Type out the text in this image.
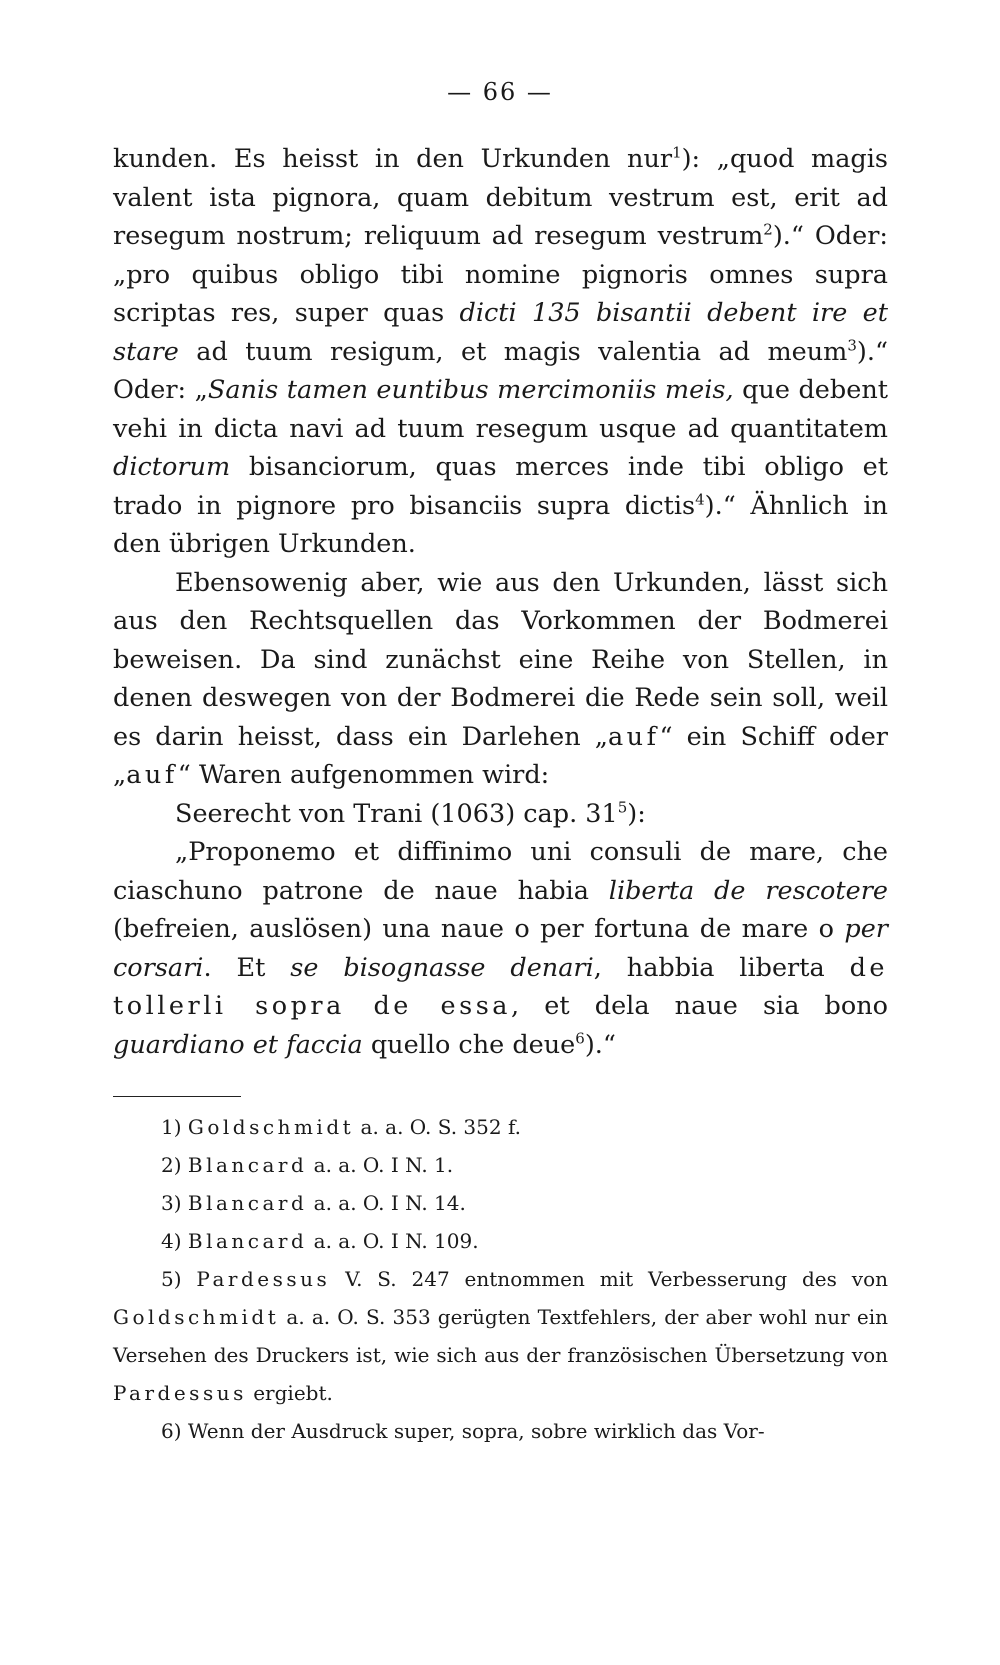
— 66 —

kunden. Es heisst in den Urkunden nur$^1$): „quod magis valent ista pignora, quam debitum vestrum est, erit ad resegum nostrum; reliquum ad resegum vestrum$^2$).“ Oder: „pro quibus obligo tibi nomine pignoris omnes supra scriptas res, super quas dicti 135 bisantii debent ire et stare ad tuum resigum, et magis valentia ad meum$^3$).“ Oder: „Sanis tamen euntibus mercimoniis meis, que debent vehi in dicta navi ad tuum resegum usque ad quantitatem dictorum bisanciorum, quas merces inde tibi obligo et trado in pignore pro bisanciis supra dictis$^4$).“ Ähnlich in den übrigen Urkunden.

Ebensowenig aber, wie aus den Urkunden, lässt sich aus den Rechtsquellen das Vorkommen der Bodmerei beweisen. Da sind zunächst eine Reihe von Stellen, in denen deswegen von der Bodmerei die Rede sein soll, weil es darin heisst, dass ein Darlehen „auf“ ein Schiff oder „auf“ Waren aufgenommen wird:

Seerecht von Trani (1063) cap. $31^5$):

„Proponemo et diffinimo uni consuli de mare, che ciaschuno patrone de naue habia liberta de rescotere (befreien, auslösen) una naue o per fortuna de mare o per corsari. Et se bisognasse denari, habbia liberta de tollerli sopra de essa, et dela naue sia bono guardiano et faccia quello che deue$^6$).“

1) Goldschmidt a. a. O. S. 352 f.

2) Blancard a. a. O. I N. 1.

3) Blancard a. a. O. I N. 14.

4) Blancard a. a. O. I N. 109.

5) Pardessus V. S. 247 entnommen mit Verbesserung des von Goldschmidt a. a. O. S. 353 gerügten Textfehlers, der aber wohl nur ein Versehen des Druckers ist, wie sich aus der französischen Übersetzung von Pardessus ergiebt.

6) Wenn der Ausdruck super, sopra, sobre wirklich das Vor-
